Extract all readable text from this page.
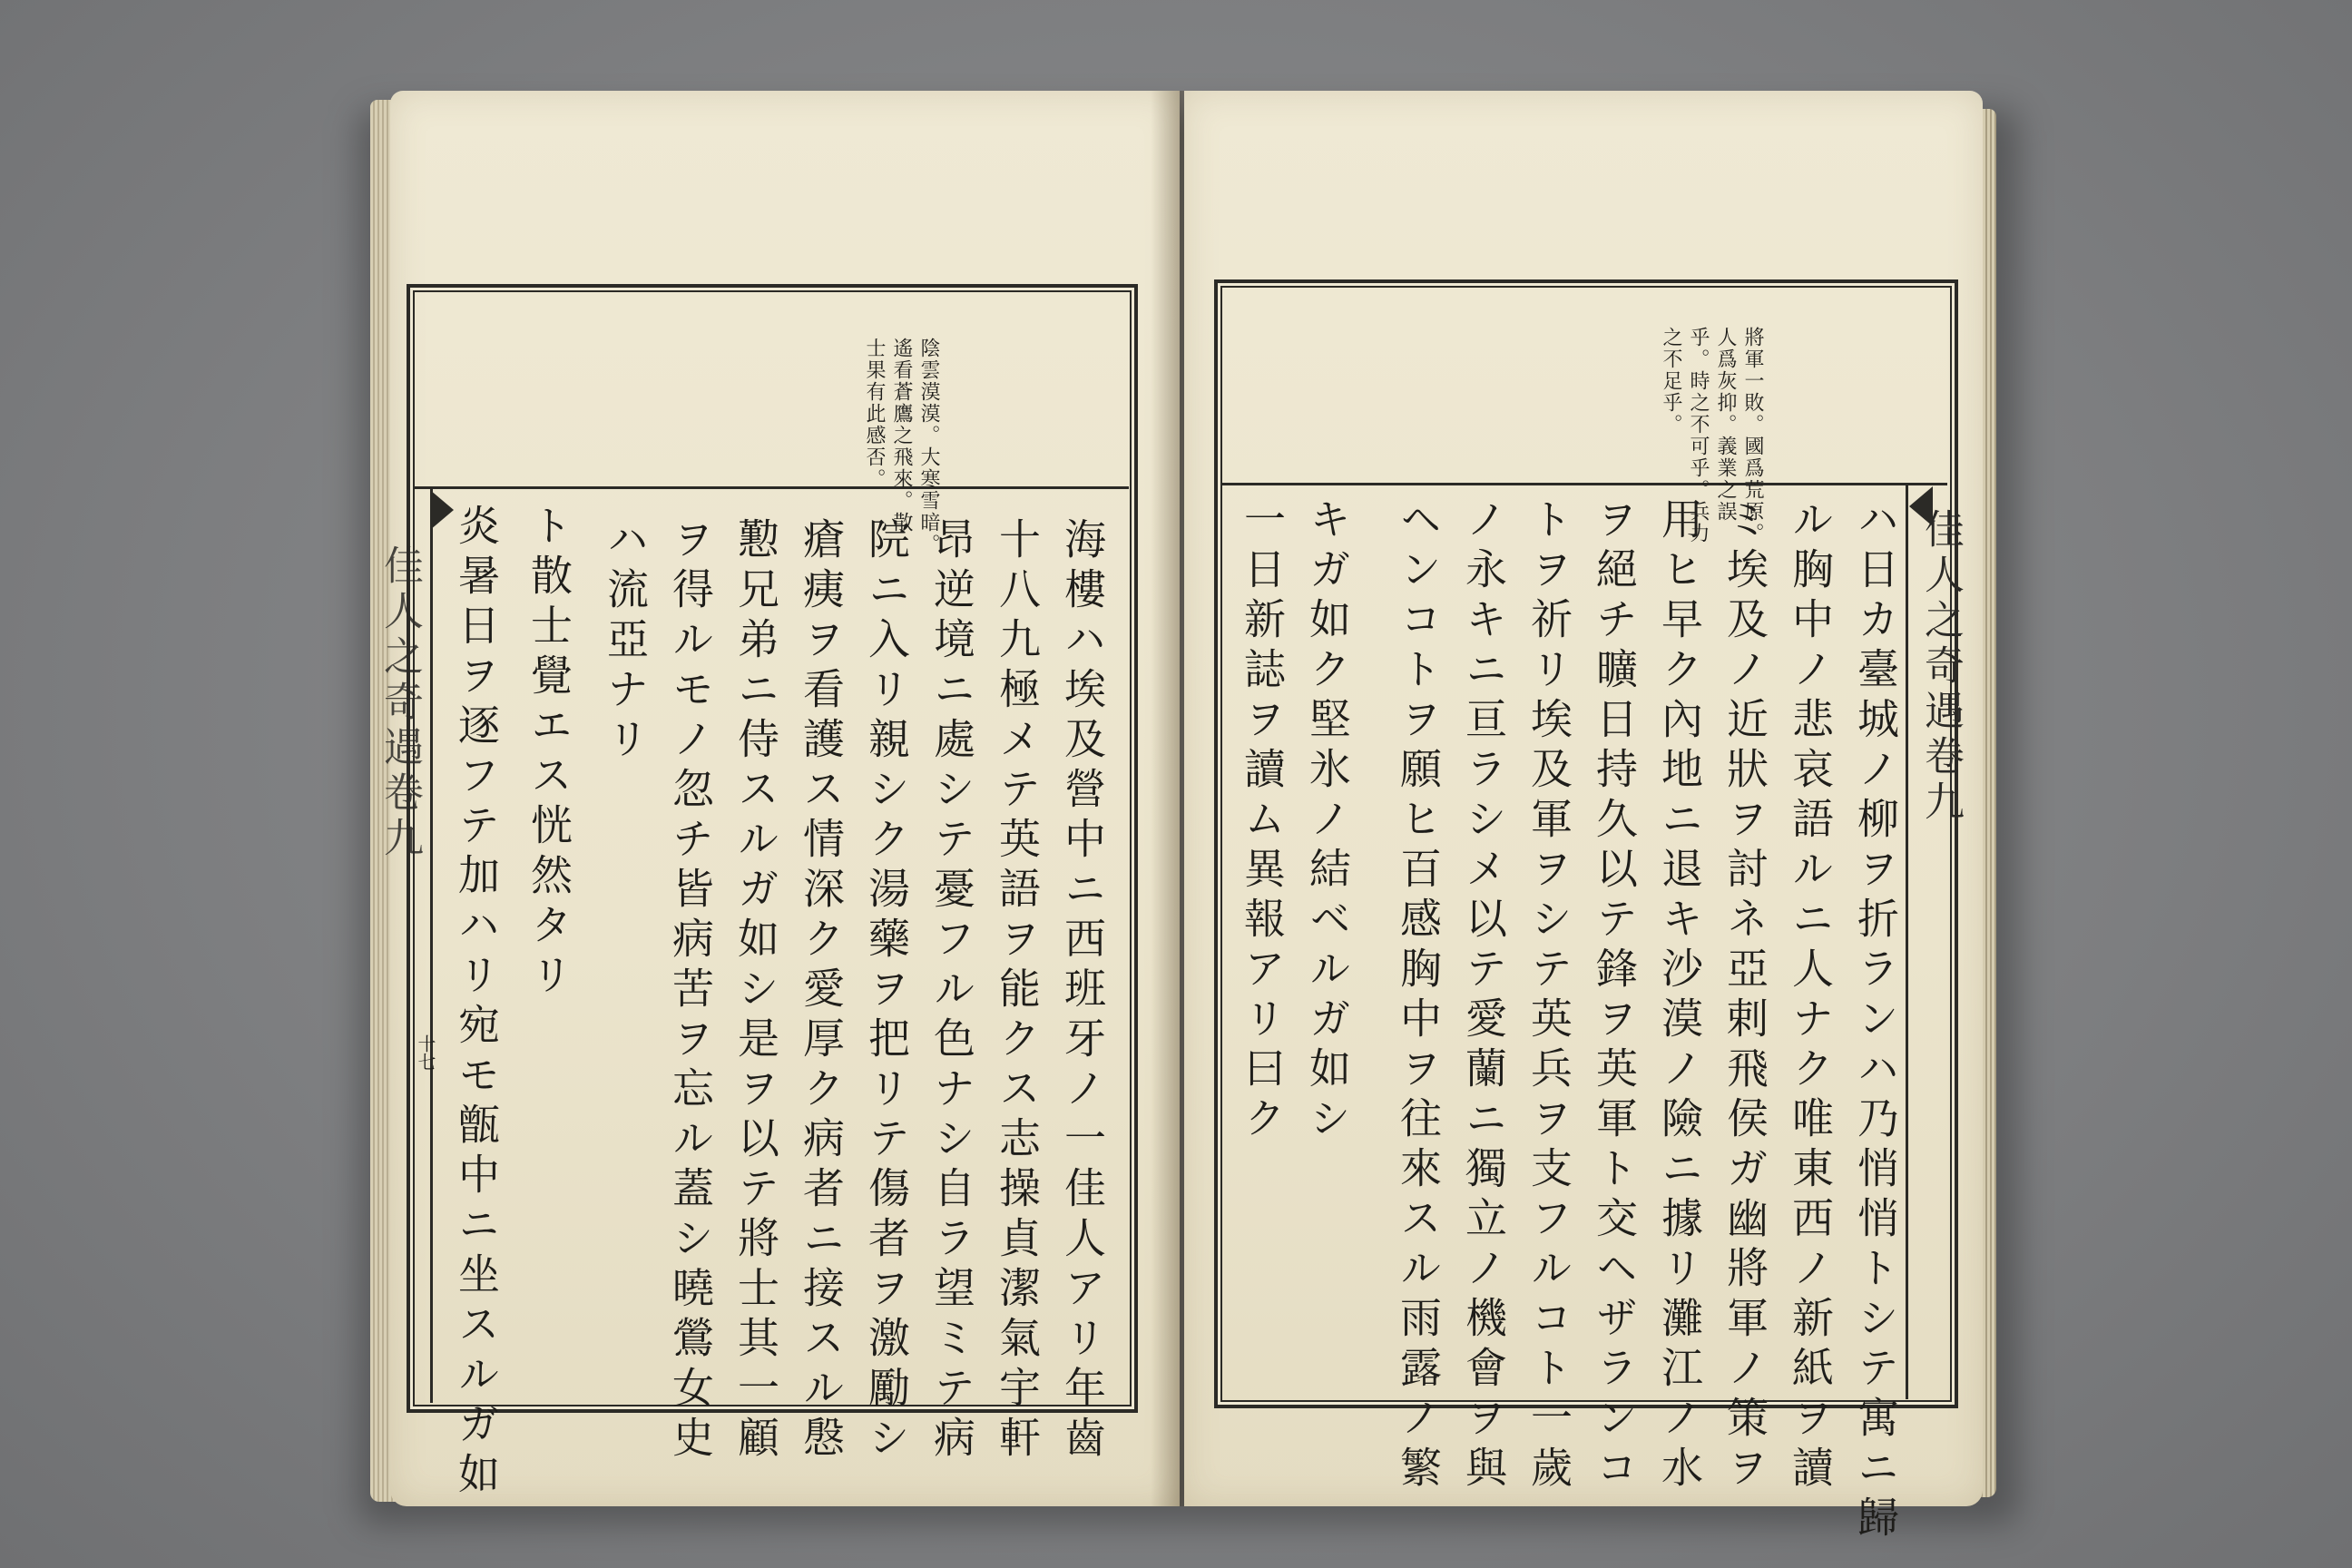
陰雲漠漠。大寒雪暗。
遙看蒼鷹之飛來。散
士果有此感否。
海樓ハ埃及營中ニ西班牙ノ一佳人アリ年齒
十八九極メテ英語ヲ能クス志操貞潔氣宇軒
昂逆境ニ處シテ憂フル色ナシ自ラ望ミテ病
院ニ入リ親シク湯藥ヲ把リテ傷者ヲ激勵シ
瘡痍ヲ看護ス情深ク愛厚ク病者ニ接スル慇
懃兄弟ニ侍スルガ如シ是ヲ以テ將士其一顧
ヲ得ルモノ忽チ皆病苦ヲ忘ル蓋シ曉鶯女史
ハ流亞ナリ
ト散士覺エス恍然タリ
炎暑日ヲ逐フテ加ハリ宛モ甑中ニ坐スルガ如
佳人之奇遇卷九
十七
將軍一敗。國爲荒原。
人爲灰抑。義業之誤
乎。時之不可乎。兵力
之不足乎。
ハ日カ臺城ノ柳ヲ折ランハ乃悄悄トシテ寓ニ歸
ル胸中ノ悲哀語ルニ人ナク唯東西ノ新紙ヲ讀
ミ埃及ノ近狀ヲ討ネ亞剌飛侯ガ幽將軍ノ策ヲ
用ヒ早ク內地ニ退キ沙漠ノ險ニ據リ灘江ノ水
ヲ絕チ曠日持久以テ鋒ヲ英軍ト交ヘザランコ
トヲ祈リ埃及軍ヲシテ英兵ヲ支フルコト一歲
ノ永キニ亘ラシメ以テ愛蘭ニ獨立ノ機會ヲ與
ヘンコトヲ願ヒ百感胸中ヲ往來スル雨露ノ繁
キガ如ク堅氷ノ結ベルガ如シ
一日新誌ヲ讀ム異報アリ曰ク	佳人之奇遇卷九
